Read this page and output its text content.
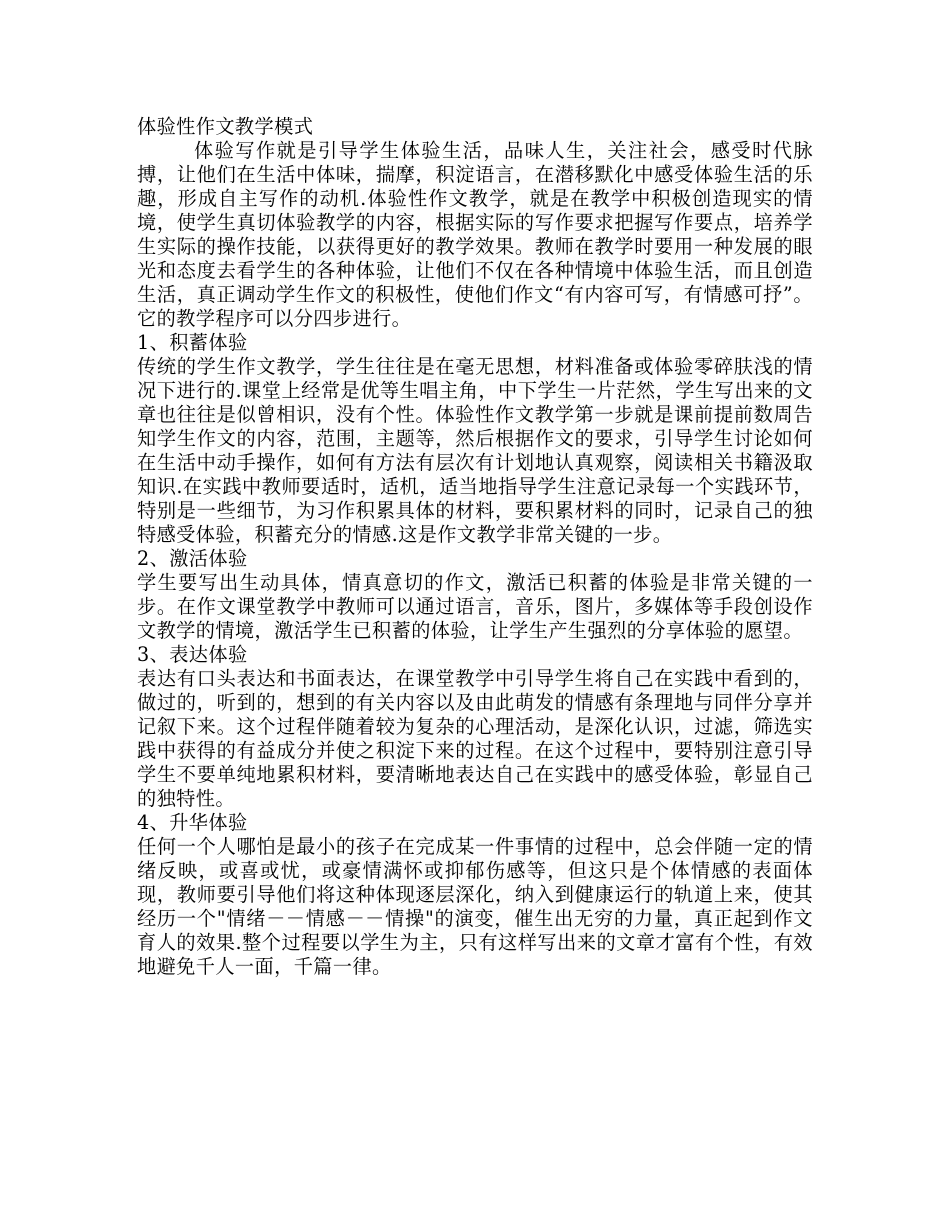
体验性作文教学模式

体验写作就是引导学生体验生活，品味人生，关注社会，感受时代脉搏，让他们在生活中体味，揣摩，积淀语言，在潜移默化中感受体验生活的乐趣，形成自主写作的动机.体验性作文教学，就是在教学中积极创造现实的情境，使学生真切体验教学的内容，根据实际的写作要求把握写作要点，培养学生实际的操作技能，以获得更好的教学效果。教师在教学时要用一种发展的眼光和态度去看学生的各种体验，让他们不仅在各种情境中体验生活，而且创造生活，真正调动学生作文的积极性，使他们作文“有内容可写，有情感可抒”。它的教学程序可以分四步进行。

1、积蓄体验

传统的学生作文教学，学生往往是在毫无思想，材料准备或体验零碎肤浅的情况下进行的.课堂上经常是优等生唱主角，中下学生一片茫然，学生写出来的文章也往往是似曾相识，没有个性。体验性作文教学第一步就是课前提前数周告知学生作文的内容，范围，主题等，然后根据作文的要求，引导学生讨论如何在生活中动手操作，如何有方法有层次有计划地认真观察，阅读相关书籍汲取知识.在实践中教师要适时，适机，适当地指导学生注意记录每一个实践环节，特别是一些细节，为习作积累具体的材料，要积累材料的同时，记录自己的独特感受体验，积蓄充分的情感.这是作文教学非常关键的一步。

2、激活体验

学生要写出生动具体，情真意切的作文，激活已积蓄的体验是非常关键的一步。在作文课堂教学中教师可以通过语言，音乐，图片，多媒体等手段创设作文教学的情境，激活学生已积蓄的体验，让学生产生强烈的分享体验的愿望。

3、表达体验

表达有口头表达和书面表达，在课堂教学中引导学生将自己在实践中看到的，做过的，听到的，想到的有关内容以及由此萌发的情感有条理地与同伴分享并记叙下来。这个过程伴随着较为复杂的心理活动，是深化认识，过滤，筛选实践中获得的有益成分并使之积淀下来的过程。在这个过程中，要特别注意引导学生不要单纯地累积材料，要清晰地表达自己在实践中的感受体验，彰显自己的独特性。

4、升华体验

任何一个人哪怕是最小的孩子在完成某一件事情的过程中，总会伴随一定的情绪反映，或喜或忧，或豪情满怀或抑郁伤感等，但这只是个体情感的表面体现，教师要引导他们将这种体现逐层深化，纳入到健康运行的轨道上来，使其经历一个"情绪－－情感－－情操"的演变，催生出无穷的力量，真正起到作文育人的效果.整个过程要以学生为主，只有这样写出来的文章才富有个性，有效地避免千人一面，千篇一律。
